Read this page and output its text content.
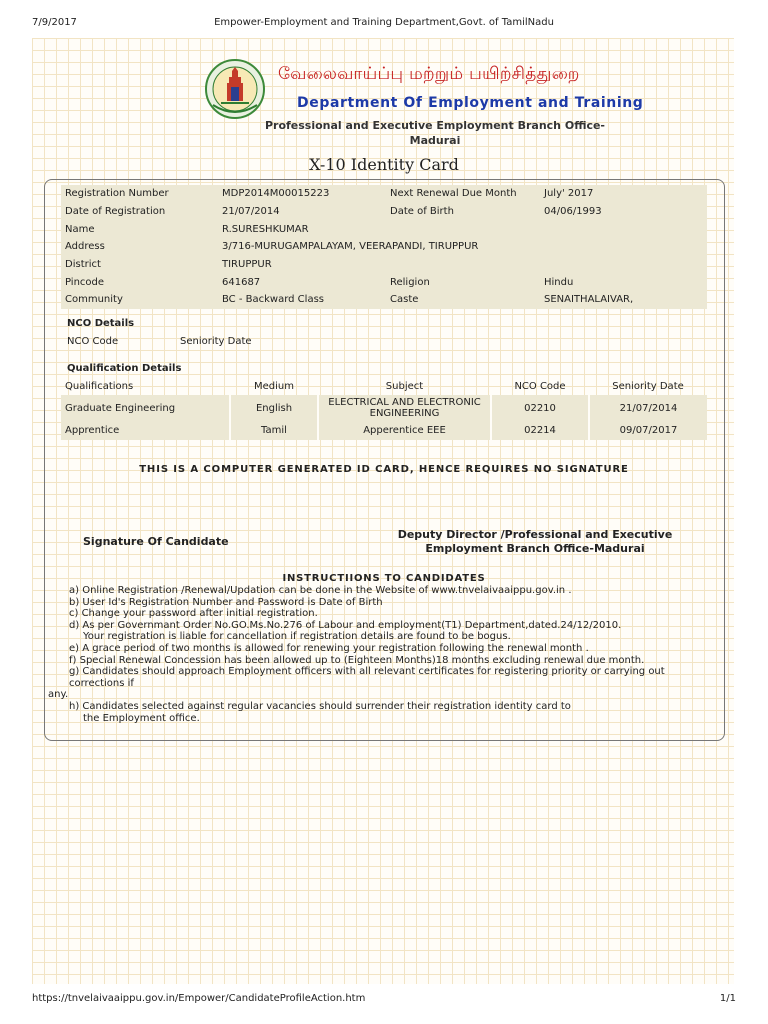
7/9/2017	Empower-Employment and Training Department,Govt. of TamilNadu
வேலைவாய்ப்பு மற்றும் பயிற்சித்துறை
Department Of Employment and Training
Professional and Executive Employment Branch Office-
Madurai
X-10 Identity Card
Registration Number	MDP2014M00015223	Next Renewal Due Month	July' 2017
Date of Registration	21/07/2014	Date of Birth	04/06/1993
Name	R.SURESHKUMAR		
Address	3/716-MURUGAMPALAYAM, VEERAPANDI, TIRUPPUR		
District	TIRUPPUR		
Pincode	641687	Religion	Hindu
Community	BC - Backward Class	Caste	SENAITHALAIVAR,
NCO Details
NCO Code	Seniority Date
Qualification Details
Qualifications	Medium	Subject	NCO Code	Seniority Date
Graduate Engineering	English	ELECTRICAL AND ELECTRONIC ENGINEERING	02210	21/07/2014
Apprentice	Tamil	Apperentice EEE	02214	09/07/2017
THIS IS A COMPUTER GENERATED ID CARD, HENCE REQUIRES NO SIGNATURE
Signature Of Candidate
Deputy Director /Professional and Executive
Employment Branch Office-Madurai
INSTRUCTIIONS TO CANDIDATES
a) Online Registration /Renewal/Updation can be done in the Website of www.tnvelaivaaippu.gov.in .
b) User Id's Registration Number and Password is Date of Birth
c) Change your password after initial registration.
d) As per Governmant Order No.GO.Ms.No.276 of Labour and employment(T1) Department,dated.24/12/2010.
Your registration is liable for cancellation if registration details are found to be bogus.
e) A grace period of two months is allowed for renewing your registration following the renewal month .
f) Special Renewal Concession has been allowed up to (Eighteen Months)18 months excluding renewal due month.
g) Candidates should approach Employment officers with all relevant certificates for registering priority or carrying out corrections if
any.
h) Candidates selected against regular vacancies should surrender their registration identity card to
the Employment office.
https://tnvelaivaaippu.gov.in/Empower/CandidateProfileAction.htm	1/1
